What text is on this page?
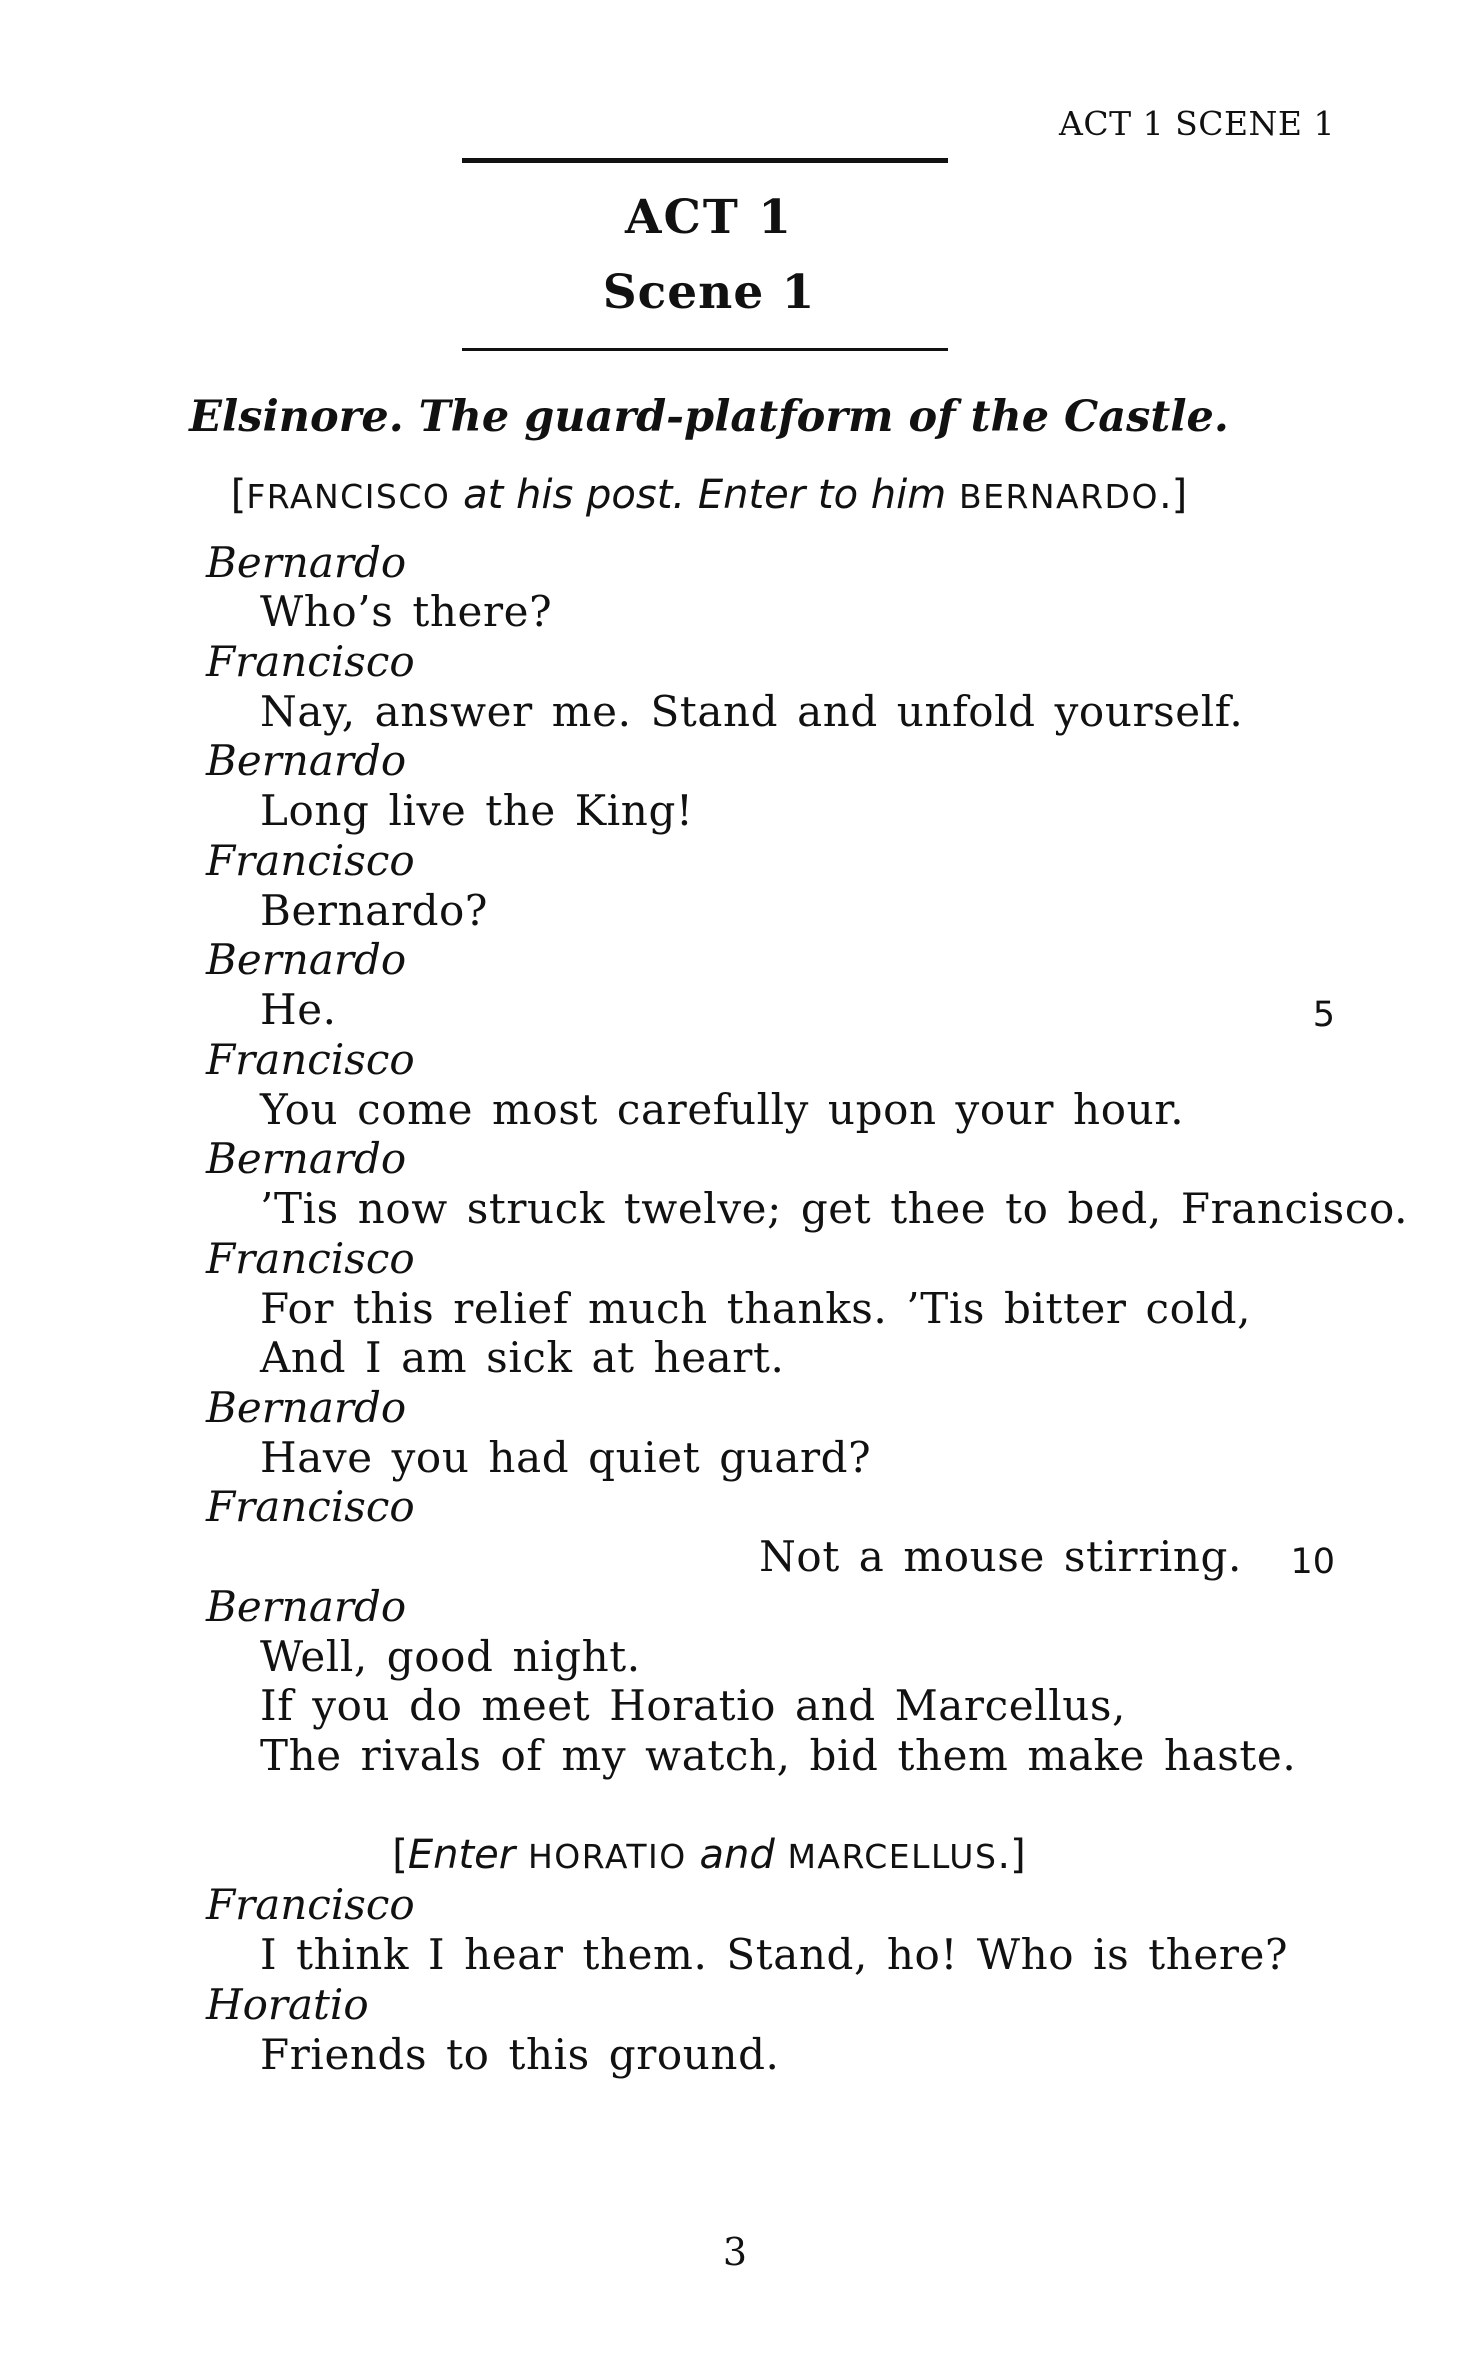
ACT 1 SCENE 1
ACT 1
Scene 1
Elsinore. The guard-platform of the Castle.
[FRANCISCO at his post. Enter to him BERNARDO.]
Bernardo
Who’s there?
Francisco
Nay, answer me. Stand and unfold yourself.
Bernardo
Long live the King!
Francisco
Bernardo?
Bernardo
He.	5
Francisco
You come most carefully upon your hour.
Bernardo
’Tis now struck twelve; get thee to bed, Francisco.
Francisco
For this relief much thanks. ’Tis bitter cold,
And I am sick at heart.
Bernardo
Have you had quiet guard?
Francisco
Not a mouse stirring. 10
Bernardo
Well, good night.
If you do meet Horatio and Marcellus,
The rivals of my watch, bid them make haste.
[Enter HORATIO and MARCELLUS.]
Francisco
I think I hear them. Stand, ho! Who is there?
Horatio
Friends to this ground.
3
